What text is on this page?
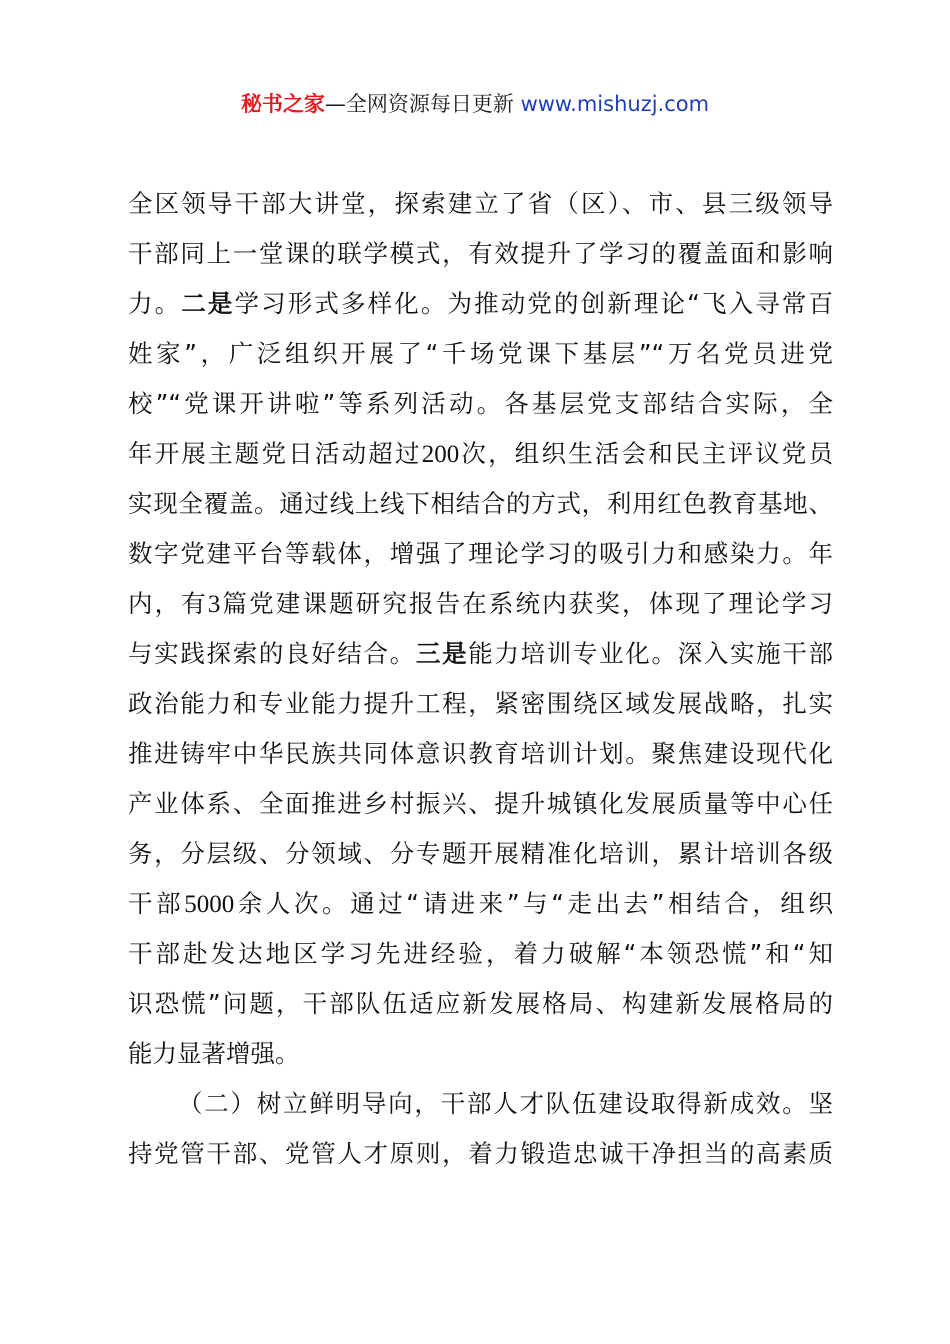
秘书之家—全网资源每日更新 www.mishuzj.com
全区领导干部大讲堂，探索建立了省（区）、市、县三级领导
干部同上一堂课的联学模式，有效提升了学习的覆盖面和影响
力。二是学习形式多样化。为推动党的创新理论“飞入寻常百
姓家”，广泛组织开展了“千场党课下基层”“万名党员进党
校”“党课开讲啦”等系列活动。各基层党支部结合实际，全
年开展主题党日活动超过200次，组织生活会和民主评议党员
实现全覆盖。通过线上线下相结合的方式，利用红色教育基地、
数字党建平台等载体，增强了理论学习的吸引力和感染力。年
内，有3篇党建课题研究报告在系统内获奖，体现了理论学习
与实践探索的良好结合。三是能力培训专业化。深入实施干部
政治能力和专业能力提升工程，紧密围绕区域发展战略，扎实
推进铸牢中华民族共同体意识教育培训计划。聚焦建设现代化
产业体系、全面推进乡村振兴、提升城镇化发展质量等中心任
务，分层级、分领域、分专题开展精准化培训，累计培训各级
干部5000余人次。通过“请进来”与“走出去”相结合，组织
干部赴发达地区学习先进经验，着力破解“本领恐慌”和“知
识恐慌”问题，干部队伍适应新发展格局、构建新发展格局的
能力显著增强。
（二）树立鲜明导向，干部人才队伍建设取得新成效。坚
持党管干部、党管人才原则，着力锻造忠诚干净担当的高素质
